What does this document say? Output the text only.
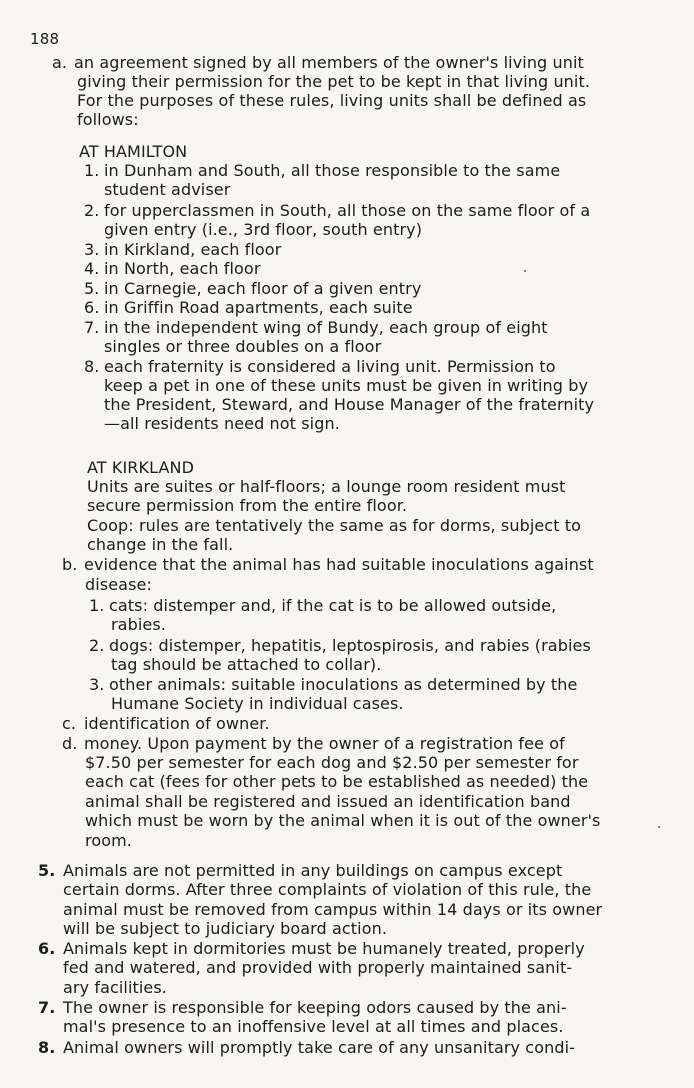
188
a. an agreement signed by all members of the owner's living unit
giving their permission for the pet to be kept in that living unit.
For the purposes of these rules, living units shall be defined as
follows:
AT HAMILTON
1. in Dunham and South, all those responsible to the same
student adviser
2. for upperclassmen in South, all those on the same floor of a
given entry (i.e., 3rd floor, south entry)
3. in Kirkland, each floor
4. in North, each floor
5. in Carnegie, each floor of a given entry
6. in Griffin Road apartments, each suite
7. in the independent wing of Bundy, each group of eight
singles or three doubles on a floor
8. each fraternity is considered a living unit. Permission to
keep a pet in one of these units must be given in writing by
the President, Steward, and House Manager of the fraternity
—all residents need not sign.
AT KIRKLAND
Units are suites or half-floors; a lounge room resident must
secure permission from the entire floor.
Coop: rules are tentatively the same as for dorms, subject to
change in the fall.
b. evidence that the animal has had suitable inoculations against
disease:
1. cats: distemper and, if the cat is to be allowed outside,
rabies.
2. dogs: distemper, hepatitis, leptospirosis, and rabies (rabies
tag should be attached to collar).
3. other animals: suitable inoculations as determined by the
Humane Society in individual cases.
c. identification of owner.
d. money. Upon payment by the owner of a registration fee of
$7.50 per semester for each dog and $2.50 per semester for
each cat (fees for other pets to be established as needed) the
animal shall be registered and issued an identification band
which must be worn by the animal when it is out of the owner's
room.
5. Animals are not permitted in any buildings on campus except
certain dorms. After three complaints of violation of this rule, the
animal must be removed from campus within 14 days or its owner
will be subject to judiciary board action.
6. Animals kept in dormitories must be humanely treated, properly
fed and watered, and provided with properly maintained sanit-
ary facilities.
7. The owner is responsible for keeping odors caused by the ani-
mal's presence to an inoffensive level at all times and places.
8. Animal owners will promptly take care of any unsanitary condi-
